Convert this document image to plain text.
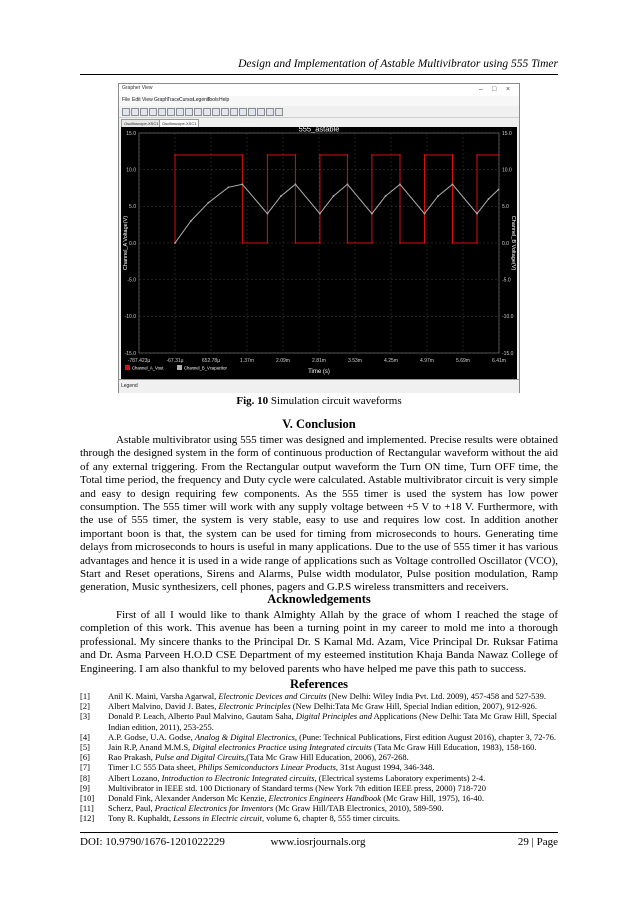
Design and Implementation of Astable Multivibrator using 555 Timer
Grapher View	– □ ×
File Edit View Graph Trace Cursor
Legend
Tools Help
Oscilloscope-XSC1 Oscilloscope-XSC1
-787.423µ	-67.31µ	652.78µ	1.37m	2.09m	2.81m	3.53m	4.25m	4.97m	5.69m	6.41m
-15.0	-15.0
-10.0	-10.0
-5.0	-5.0
0.0	0.0
5.0	5.0
10.0	10.0
15.0	15.0
555_astable
Time (s)
Channel_A Voltage(V)	Channel_B Voltage(V)
Channel_A_Vout	Channel_B_Vcapacitor
Legend
Fig. 10 Simulation circuit waveforms
V. Conclusion
Astable multivibrator using 555 timer was designed and implemented. Precise results were obtained through the designed system in the form of continuous production of Rectangular waveform without the aid of any external triggering. From the Rectangular output waveform the Turn ON time, Turn OFF time, the Total time period, the frequency and Duty cycle were calculated. Astable multivibrator circuit is very simple and easy to design requiring few components. As the 555 timer is used the system has low power consumption. The 555 timer will work with any supply voltage between +5 V to +18 V. Furthermore, with the use of 555 timer, the system is very stable, easy to use and requires low cost. In addition another important boon is that, the system can be used for timing from microseconds to hours. Generating time delays from microseconds to hours is useful in many applications. Due to the use of 555 timer it has various advantages and hence it is used in a wide range of applications such as Voltage controlled Oscillator (VCO), Start and Reset operations, Sirens and Alarms, Pulse width modulator, Pulse position modulation, Ramp generation, Music synthesizers, cell phones, pagers and G.P.S wireless transmitters and receivers.
Acknowledgements
First of all I would like to thank Almighty Allah by the grace of whom I reached the stage of completion of this work. This avenue has been a turning point in my career to mold me into a thorough professional. My sincere thanks to the Principal Dr. S Kamal Md. Azam, Vice Principal Dr. Ruksar Fatima and Dr. Asma Parveen H.O.D CSE Department of my esteemed institution Khaja Banda Nawaz College of Engineering. I am also thankful to my beloved parents who have helped me pave this path to success.
References
[1]	Anil K. Maini, Varsha Agarwal, Electronic Devices and Circuits (New Delhi: Wiley India Pvt. Ltd. 2009), 457-458 and 527-539.
[2]	Albert Malvino, David J. Bates, Electronic Principles (New Delhi:Tata Mc Graw Hill, Special Indian edition, 2007), 912-926.
[3]	Donald P. Leach, Alberto Paul Malvino, Gautam Saha, Digital Principles and Applications (New Delhi: Tata Mc Graw Hill, Special Indian edition, 2011), 253-255.
[4]	A.P. Godse, U.A. Godse, Analog & Digital Electronics, (Pune: Technical Publications, First edition August 2016), chapter 3, 72-76.
[5]	Jain R.P, Anand M.M.S, Digital electronics Practice using Integrated circuits (Tata Mc Graw Hill Education, 1983), 158-160.
[6]	Rao Prakash, Pulse and Digital Circuits,(Tata Mc Graw Hill Education, 2006), 267-268.
[7]	Timer I.C 555 Data sheet, Philips Semiconductors Linear Products, 31st August 1994, 346-348.
[8]	Albert Lozano, Introduction to Electronic Integrated circuits, (Electrical systems Laboratory experiments) 2-4.
[9]	Multivibrator in IEEE std. 100 Dictionary of Standard terms (New York 7th edition IEEE press, 2000) 718-720
[10]	Donald Fink, Alexander Anderson Mc Kenzie, Electronics Engineers Handbook (Mc Graw Hill, 1975), 16-40.
[11]	Scherz, Paul, Practical Electronics for Inventors (Mc Graw Hill/TAB Electronics, 2010), 589-590.
[12]	Tony R. Kuphaldt, Lessons in Electric circuit, volume 6, chapter 8, 555 timer circuits.
DOI: 10.9790/1676-1201022229	www.iosrjournals.org	29 | Page
